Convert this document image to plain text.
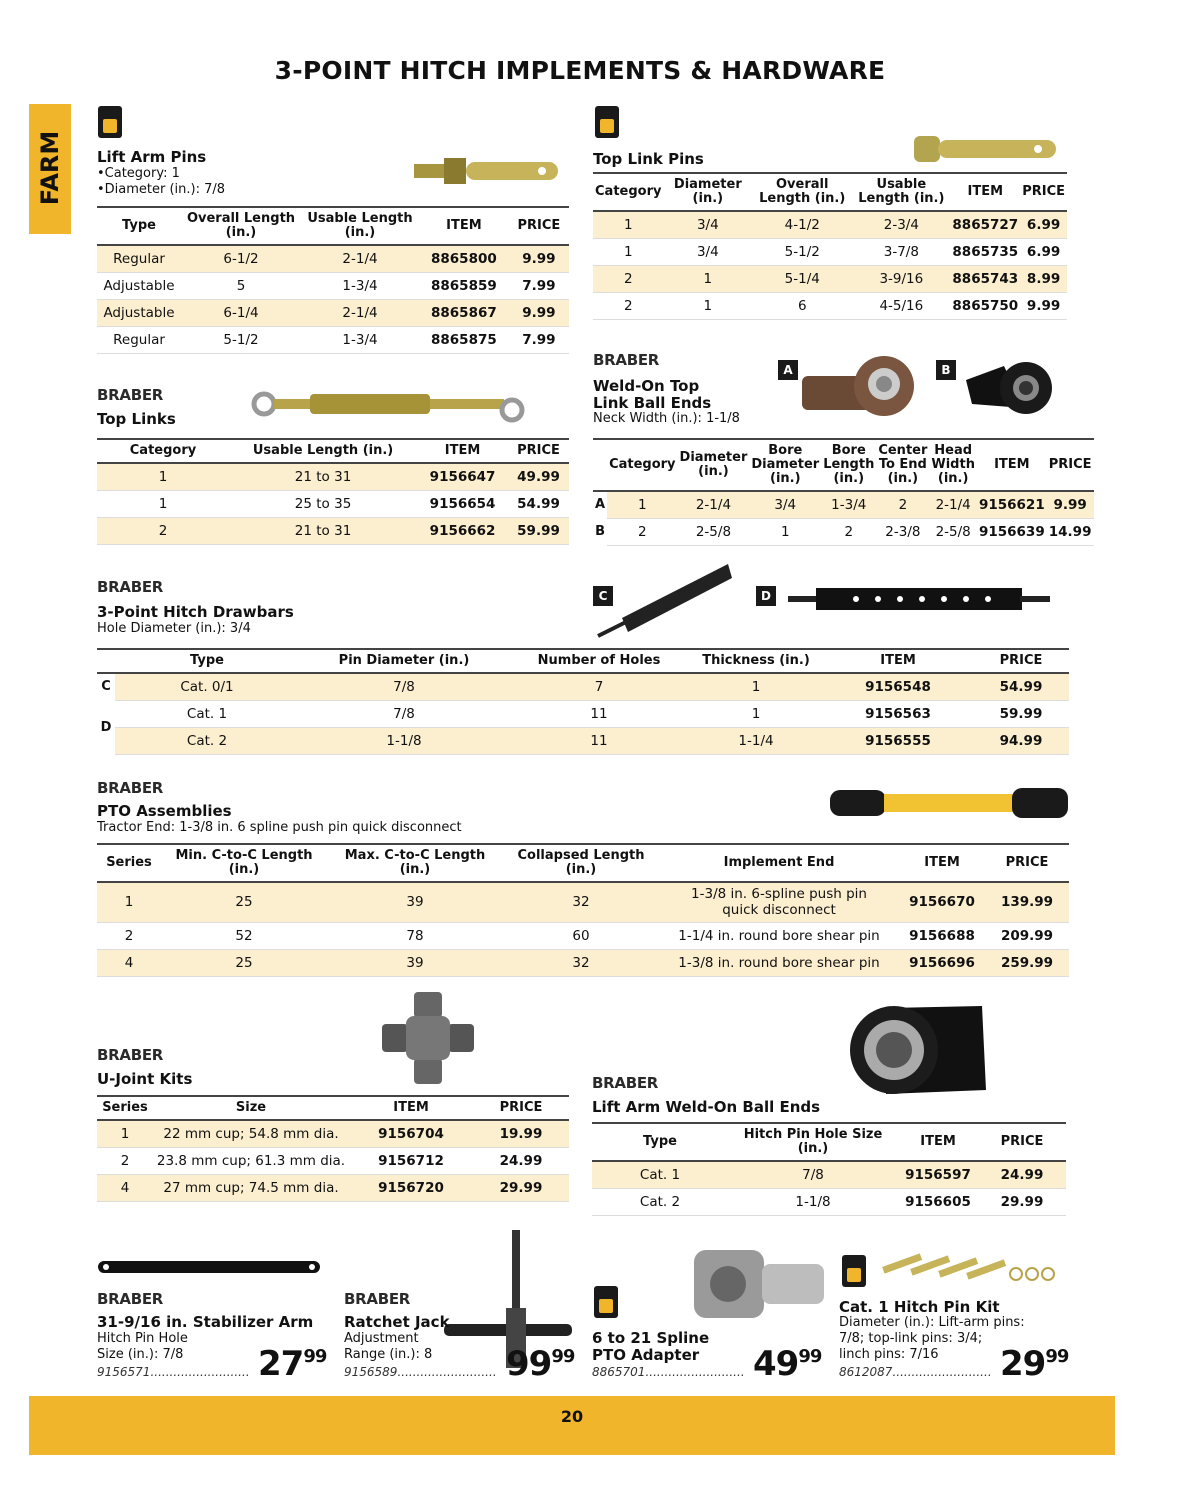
3-POINT HITCH IMPLEMENTS & HARDWARE
FARM Lift Arm Pins
•Category: 1
•Diameter (in.): 7/8
Type	Overall Length (in.)	Usable Length (in.)	ITEM	PRICE
Regular	6-1/2	2-1/4	8865800	9.99
Adjustable	5	1-3/4	8865859	7.99
Adjustable	6-1/4	2-1/4	8865867	9.99
Regular	5-1/2	1-3/4	8865875	7.99
Top Link Pins
Category	Diameter (in.)	Overall Length (in.)	Usable Length (in.)	ITEM	PRICE
1	3/4	4-1/2	2-3/4	8865727	6.99
1	3/4	5-1/2	3-7/8	8865735	6.99
2	1	5-1/4	3-9/16	8865743	8.99
2	1	6	4-5/16	8865750	9.99
BRABER
Top Links
Category	Usable Length (in.)	ITEM	PRICE
1	21 to 31	9156647	49.99
1	25 to 35	9156654	54.99
2	21 to 31	9156662	59.99
BRABER
Weld-On Top
Link Ball Ends
Neck Width (in.): 1-1/8
A	B
	Category	Diameter (in.)	Bore Diameter (in.)	Bore Length (in.)	Center To End (in.)	Head Width (in.)	ITEM	PRICE
A	1	2-1/4	3/4	1-3/4	2	2-1/4	9156621	9.99
B	2	2-5/8	1	2	2-3/8	2-5/8	9156639	14.99
BRABER
3-Point Hitch Drawbars
Hole Diameter (in.): 3/4
C	D
	Type	Pin Diameter (in.)	Number of Holes	Thickness (in.)	ITEM	PRICE
C	Cat. 0/1	7/8	7	1	9156548	54.99
D	Cat. 1	7/8	11	1	9156563	59.99
	Cat. 2	1-1/8	11	1-1/4	9156555	94.99
BRABER
PTO Assemblies
Tractor End: 1-3/8 in. 6 spline push pin quick disconnect
Series	Min. C-to-C Length (in.)	Max. C-to-C Length (in.)	Collapsed Length (in.)	Implement End	ITEM	PRICE
1	25	39	32	1-3/8 in. 6-spline push pin quick disconnect	9156670	139.99
2	52	78	60	1-1/4 in. round bore shear pin	9156688	209.99
4	25	39	32	1-3/8 in. round bore shear pin	9156696	259.99
BRABER
U-Joint Kits
Series	Size	ITEM	PRICE
1	22 mm cup; 54.8 mm dia.	9156704	19.99
2	23.8 mm cup; 61.3 mm dia.	9156712	24.99
4	27 mm cup; 74.5 mm dia.	9156720	29.99
BRABER
Lift Arm Weld-On Ball Ends
Type	Hitch Pin Hole Size (in.)	ITEM	PRICE
Cat. 1	7/8	9156597	24.99
Cat. 2	1-1/8	9156605	29.99
BRABER
31-9/16 in. Stabilizer Arm
Hitch Pin Hole
Size (in.): 7/8
9156571.......................... $27^{99}$
BRABER
Ratchet Jack
Adjustment
Range (in.): 8
9156589.......................... $99^{99}$
6 to 21 Spline
PTO Adapter
8865701.......................... $49^{99}$
Cat. 1 Hitch Pin Kit
Diameter (in.): Lift-arm pins:
7/8; top-link pins: 3/4;
linch pins: 7/16
8612087.......................... $29^{99}$
20
